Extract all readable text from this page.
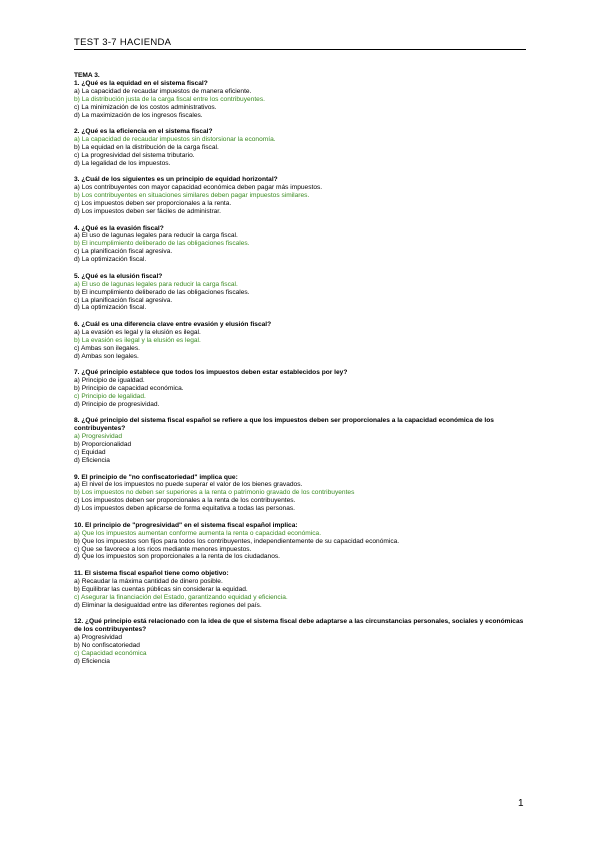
TEST 3-7 HACIENDA
TEMA 3.
1. ¿Qué es la equidad en el sistema fiscal?
a) La capacidad de recaudar impuestos de manera eficiente.
b) La distribución justa de la carga fiscal entre los contribuyentes.
c) La minimización de los costos administrativos.
d) La maximización de los ingresos fiscales.
2. ¿Qué es la eficiencia en el sistema fiscal?
a) La capacidad de recaudar impuestos sin distorsionar la economía.
b) La equidad en la distribución de la carga fiscal.
c) La progresividad del sistema tributario.
d) La legalidad de los impuestos.
3. ¿Cuál de los siguientes es un principio de equidad horizontal?
a) Los contribuyentes con mayor capacidad económica deben pagar más impuestos.
b) Los contribuyentes en situaciones similares deben pagar impuestos similares.
c) Los impuestos deben ser proporcionales a la renta.
d) Los impuestos deben ser fáciles de administrar.
4. ¿Qué es la evasión fiscal?
a) El uso de lagunas legales para reducir la carga fiscal.
b) El incumplimiento deliberado de las obligaciones fiscales.
c) La planificación fiscal agresiva.
d) La optimización fiscal.
5. ¿Qué es la elusión fiscal?
a) El uso de lagunas legales para reducir la carga fiscal.
b) El incumplimiento deliberado de las obligaciones fiscales.
c) La planificación fiscal agresiva.
d) La optimización fiscal.
6. ¿Cuál es una diferencia clave entre evasión y elusión fiscal?
a) La evasión es legal y la elusión es ilegal.
b) La evasión es ilegal y la elusión es legal.
c) Ambas son ilegales.
d) Ambas son legales.
7. ¿Qué principio establece que todos los impuestos deben estar establecidos por ley?
a) Principio de igualdad.
b) Principio de capacidad económica.
c) Principio de legalidad.
d) Principio de progresividad.
8. ¿Qué principio del sistema fiscal español se refiere a que los impuestos deben ser proporcionales a la capacidad económica de los contribuyentes?
a) Progresividad
b) Proporcionalidad
c) Equidad
d) Eficiencia
9. El principio de "no confiscatoriedad" implica que:
a) El nivel de los impuestos no puede superar el valor de los bienes gravados.
b) Los impuestos no deben ser superiores a la renta o patrimonio gravado de los contribuyentes
c) Los impuestos deben ser proporcionales a la renta de los contribuyentes.
d) Los impuestos deben aplicarse de forma equitativa a todas las personas.
10. El principio de "progresividad" en el sistema fiscal español implica:
a) Que los impuestos aumentan conforme aumenta la renta o capacidad económica.
b) Que los impuestos son fijos para todos los contribuyentes, independientemente de su capacidad económica.
c) Que se favorece a los ricos mediante menores impuestos.
d) Que los impuestos son proporcionales a la renta de los ciudadanos.
11. El sistema fiscal español tiene como objetivo:
a) Recaudar la máxima cantidad de dinero posible.
b) Equilibrar las cuentas públicas sin considerar la equidad.
c) Asegurar la financiación del Estado, garantizando equidad y eficiencia.
d) Eliminar la desigualdad entre las diferentes regiones del país.
12. ¿Qué principio está relacionado con la idea de que el sistema fiscal debe adaptarse a las circunstancias personales, sociales y económicas de los contribuyentes?
a) Progresividad
b) No confiscatoriedad
c) Capacidad económica
d) Eficiencia
1
